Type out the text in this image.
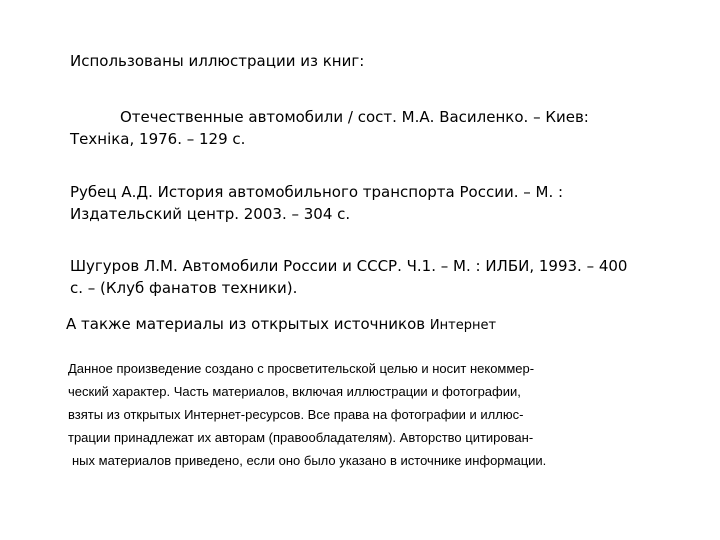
Использованы иллюстрации из книг:
Отечественные автомобили / сост. М.А. Василенко. – Киев:
Техніка, 1976. – 129 с.
Рубец А.Д. История автомобильного транспорта России. – М. :
Издательский центр. 2003. – 304 с.
Шугуров Л.М. Автомобили России и СССР. Ч.1. – М. : ИЛБИ, 1993. – 400
с. – (Клуб фанатов техники).
А также материалы из открытых источников Интернет
Данное произведение создано с просветительской целью и носит некоммер-
ческий характер. Часть материалов, включая иллюстрации и фотографии,
взяты из открытых Интернет-ресурсов. Все права на фотографии и иллюс-
трации принадлежат их авторам (правообладателям). Авторство цитирован-
ных материалов приведено, если оно было указано в источнике информации.
